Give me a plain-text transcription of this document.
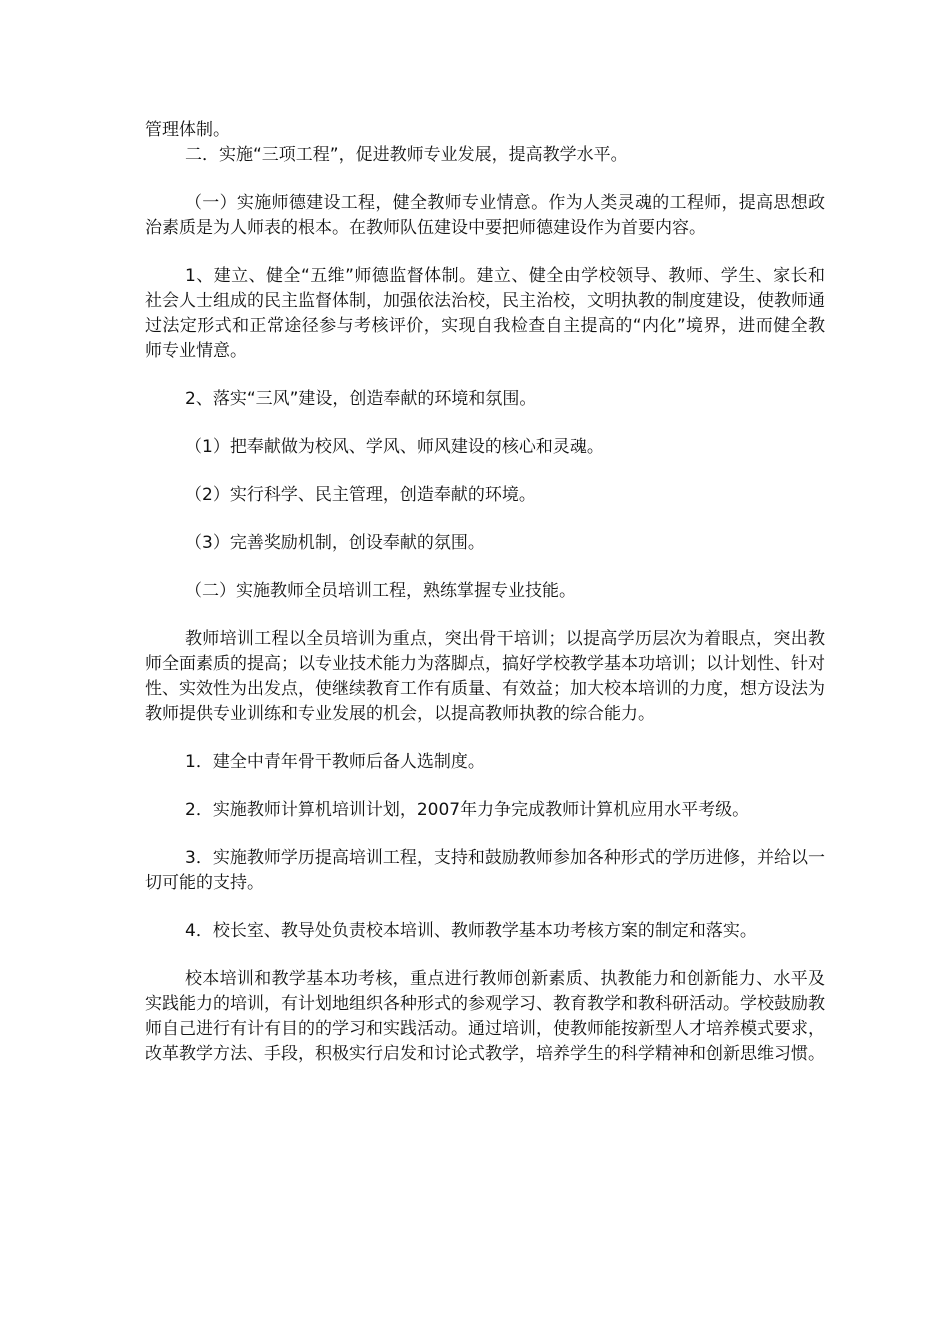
管理体制。

二．实施“三项工程”，促进教师专业发展，提高教学水平。

（一）实施师德建设工程，健全教师专业情意。作为人类灵魂的工程师，提高思想政治素质是为人师表的根本。在教师队伍建设中要把师德建设作为首要内容。

1、建立、健全“五维”师德监督体制。建立、健全由学校领导、教师、学生、家长和社会人士组成的民主监督体制，加强依法治校，民主治校，文明执教的制度建设，使教师通过法定形式和正常途径参与考核评价，实现自我检查自主提高的“内化”境界，进而健全教师专业情意。

2、落实“三风”建设，创造奉献的环境和氛围。

（1）把奉献做为校风、学风、师风建设的核心和灵魂。

（2）实行科学、民主管理，创造奉献的环境。

（3）完善奖励机制，创设奉献的氛围。

（二）实施教师全员培训工程，熟练掌握专业技能。

教师培训工程以全员培训为重点，突出骨干培训；以提高学历层次为着眼点，突出教师全面素质的提高；以专业技术能力为落脚点，搞好学校教学基本功培训；以计划性、针对性、实效性为出发点，使继续教育工作有质量、有效益；加大校本培训的力度，想方设法为教师提供专业训练和专业发展的机会，以提高教师执教的综合能力。

1．建全中青年骨干教师后备人选制度。

2．实施教师计算机培训计划，2007年力争完成教师计算机应用水平考级。

3．实施教师学历提高培训工程，支持和鼓励教师参加各种形式的学历进修，并给以一切可能的支持。

4．校长室、教导处负责校本培训、教师教学基本功考核方案的制定和落实。

校本培训和教学基本功考核，重点进行教师创新素质、执教能力和创新能力、水平及实践能力的培训，有计划地组织各种形式的参观学习、教育教学和教科研活动。学校鼓励教师自己进行有计有目的的学习和实践活动。通过培训，使教师能按新型人才培养模式要求，改革教学方法、手段，积极实行启发和讨论式教学，培养学生的科学精神和创新思维习惯。
